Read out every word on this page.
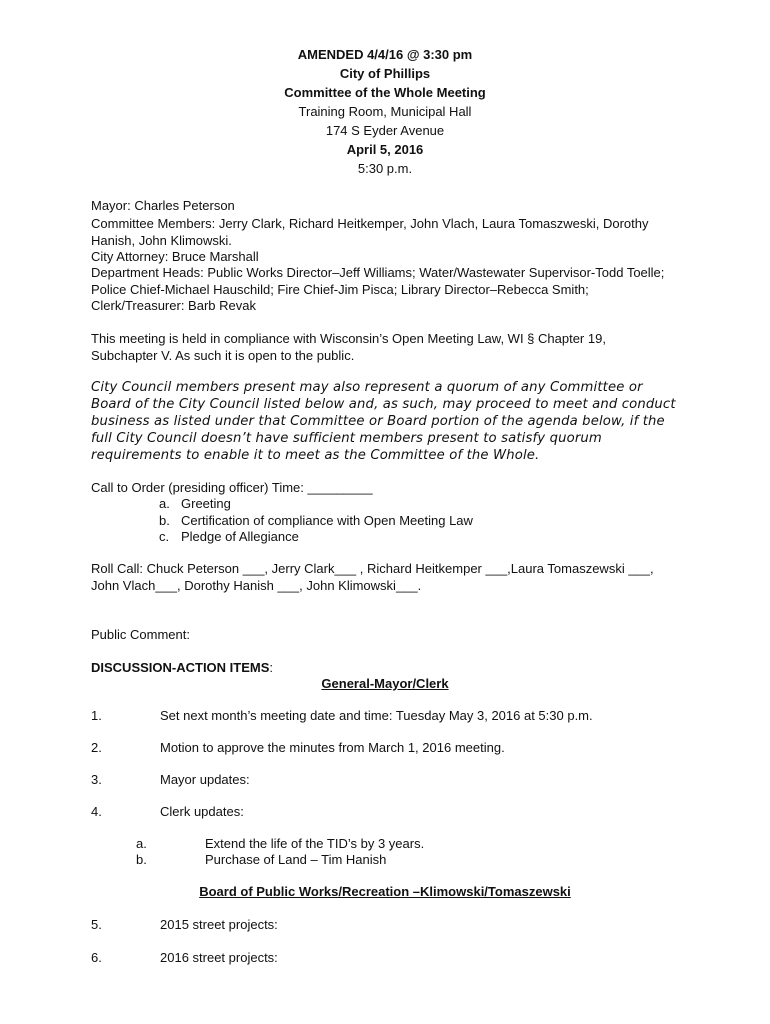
AMENDED 4/4/16 @ 3:30 pm
City of Phillips
Committee of the Whole Meeting
Training Room, Municipal Hall
174 S Eyder Avenue
April 5, 2016
5:30 p.m.
Mayor: Charles Peterson
Committee Members: Jerry Clark, Richard Heitkemper, John Vlach, Laura Tomaszweski, Dorothy Hanish, John Klimowski.
City Attorney: Bruce Marshall
Department Heads: Public Works Director–Jeff Williams; Water/Wastewater Supervisor-Todd Toelle; Police Chief-Michael Hauschild; Fire Chief-Jim Pisca; Library Director–Rebecca Smith; Clerk/Treasurer: Barb Revak
This meeting is held in compliance with Wisconsin’s Open Meeting Law, WI § Chapter 19, Subchapter V. As such it is open to the public.
City Council members present may also represent a quorum of any Committee or Board of the City Council listed below and, as such, may proceed to meet and conduct business as listed under that Committee or Board portion of the agenda below, if the full City Council doesn’t have sufficient members present to satisfy quorum requirements to enable it to meet as the Committee of the Whole.
Call to Order (presiding officer) Time: _________
a. Greeting
b. Certification of compliance with Open Meeting Law
c. Pledge of Allegiance
Roll Call: Chuck Peterson ___, Jerry Clark___ , Richard Heitkemper ___,Laura Tomaszewski ___, John Vlach___, Dorothy Hanish ___, John Klimowski___.
Public Comment:
DISCUSSION-ACTION ITEMS:
General-Mayor/Clerk
1.	Set next month’s meeting date and time: Tuesday May 3, 2016 at 5:30 p.m.
2.	Motion to approve the minutes from March 1, 2016 meeting.
3.	Mayor updates:
4.	Clerk updates:
a.	Extend the life of the TID’s by 3 years.
b.	Purchase of Land – Tim Hanish
Board of Public Works/Recreation –Klimowski/Tomaszewski
5.	2015 street projects:
6.	2016 street projects:
